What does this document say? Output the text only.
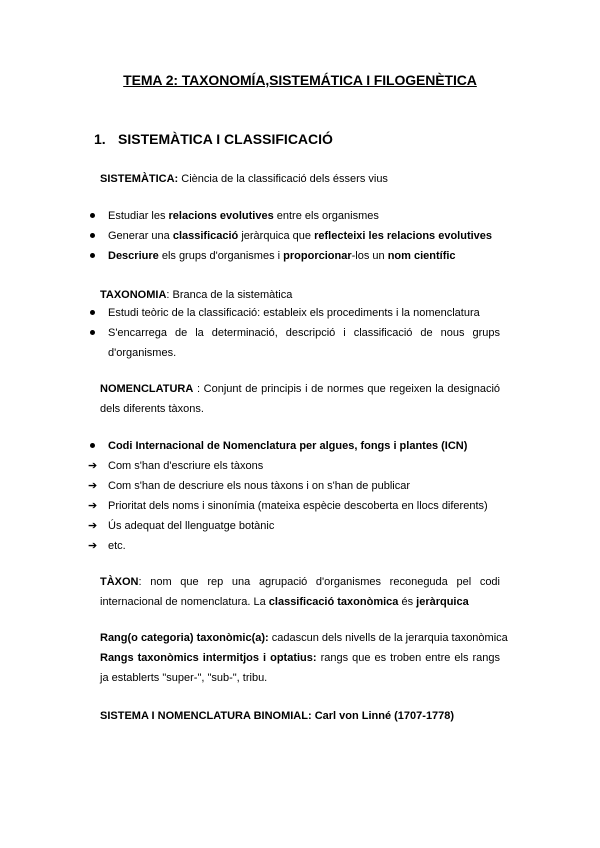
TEMA 2: TAXONOMÍA,SISTEMÁTICA I FILOGENÈTICA
1. SISTEMÀTICA I CLASSIFICACIÓ
SISTEMÀTICA: Ciència de la classificació dels éssers vius
Estudiar les relacions evolutives entre els organismes
Generar una classificació jeràrquica que reflecteixi les relacions evolutives
Descriure els grups d'organismes i proporcionar-los un nom científic
TAXONOMIA: Branca de la sistemàtica
Estudi teòric de la classificació: estableix els procediments i la nomenclatura
S'encarrega de la determinació, descripció i classificació de nous grups d'organismes.
NOMENCLATURA : Conjunt de principis i de normes que regeixen la designació dels diferents tàxons.
Codi Internacional de Nomenclatura per algues, fongs i plantes (ICN)
➔ Com s'han d'escriure els tàxons
➔ Com s'han de descriure els nous tàxons i on s'han de publicar
➔ Prioritat dels noms i sinonímia (mateixa espècie descoberta en llocs diferents)
➔ Ús adequat del llenguatge botànic
➔ etc.
TÀXON: nom que rep una agrupació d'organismes reconeguda pel codi internacional de nomenclatura. La classificació taxonòmica és jeràrquica
Rang(o categoria) taxonòmic(a): cadascun dels nivells de la jerarquia taxonòmica
Rangs taxonòmics intermitjos i optatius: rangs que es troben entre els rangs ja establerts "super-", "sub-", tribu.
SISTEMA I NOMENCLATURA BINOMIAL: Carl von Linné (1707-1778)
